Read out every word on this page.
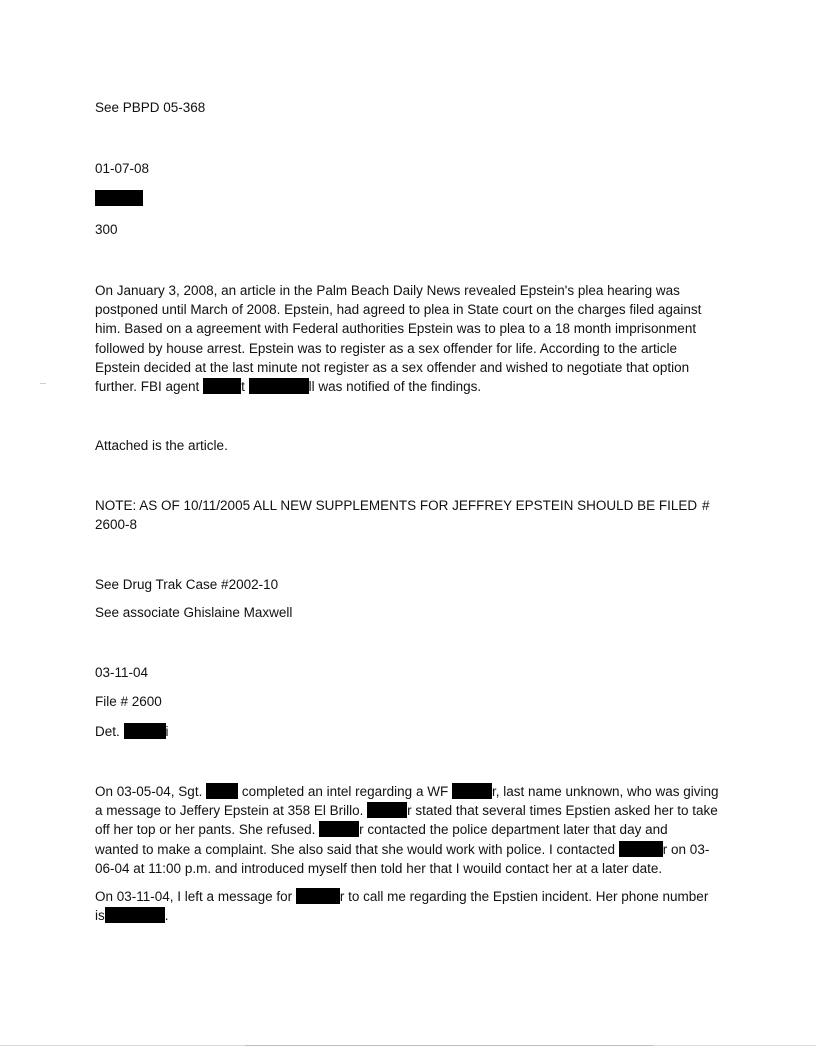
See PBPD 05-368
01-07-08
300
On January 3, 2008, an article in the Palm Beach Daily News revealed Epstein's plea hearing was
postponed until March of 2008. Epstein, had agreed to plea in State court on the charges filed against
him. Based on a agreement with Federal authorities Epstein was to plea to a 18 month imprisonment
followed by house arrest. Epstein was to register as a sex offender for life. According to the article
Epstein decided at the last minute not register as a sex offender and wished to negotiate that option
further. FBI agent	t	ll was notified of the findings.
Attached is the article.
NOTE: AS OF 10/11/2005 ALL NEW SUPPLEMENTS FOR JEFFREY EPSTEIN SHOULD BE FILED #
2600-8
See Drug Trak Case #2002-10
See associate Ghislaine Maxwell
03-11-04
File # 2600
Det.	i
On 03-05-04, Sgt.  completed an intel regarding a WF	r, last name unknown, who was giving
a message to Jeffery Epstein at 358 El Brillo.	r stated that several times Epstien asked her to take
off her top or her pants. She refused.	r contacted the police department later that day and
wanted to make a complaint. She also said that she would work with police. I contacted	r on 03-
06-04 at 11:00 p.m. and introduced myself then told her that I wouild contact her at a later date.
On 03-11-04, I left a message for	r to call me regarding the Epstien incident. Her phone number
is	.
